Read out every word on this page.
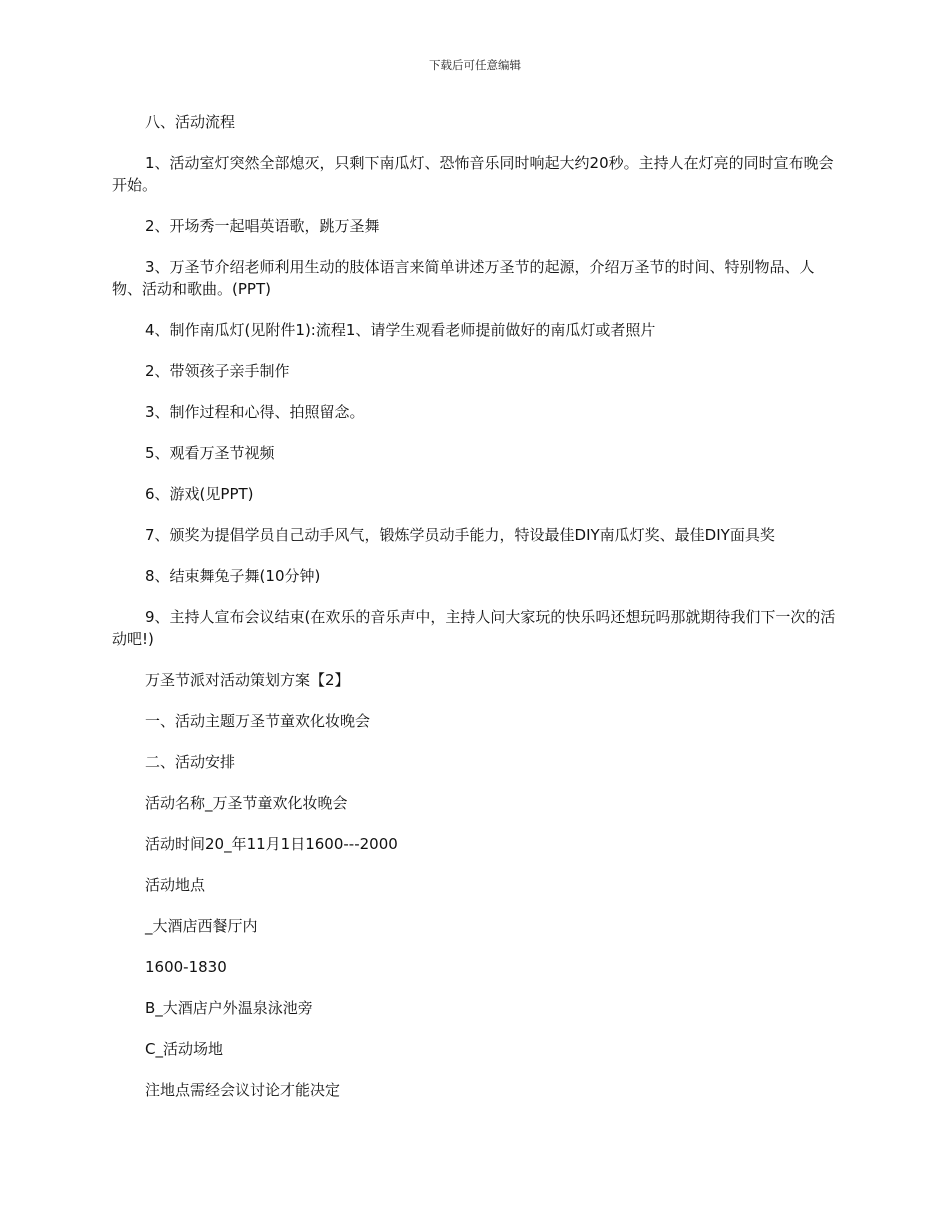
下载后可任意编辑

八、活动流程

1、活动室灯突然全部熄灭，只剩下南瓜灯、恐怖音乐同时响起大约20秒。主持人在灯亮的同时宣布晚会开始。

2、开场秀一起唱英语歌，跳万圣舞

3、万圣节介绍老师利用生动的肢体语言来简单讲述万圣节的起源，介绍万圣节的时间、特别物品、人物、活动和歌曲。(PPT)

4、制作南瓜灯(见附件1):流程1、请学生观看老师提前做好的南瓜灯或者照片

2、带领孩子亲手制作

3、制作过程和心得、拍照留念。

5、观看万圣节视频

6、游戏(见PPT)

7、颁奖为提倡学员自己动手风气，锻炼学员动手能力，特设最佳DIY南瓜灯奖、最佳DIY面具奖

8、结束舞兔子舞(10分钟)

9、主持人宣布会议结束(在欢乐的音乐声中，主持人问大家玩的快乐吗还想玩吗那就期待我们下一次的活动吧!)

万圣节派对活动策划方案【2】

一、活动主题万圣节童欢化妆晚会

二、活动安排

活动名称_万圣节童欢化妆晚会

活动时间20_年11月1日1600---2000

活动地点

_大酒店西餐厅内

1600-1830

B_大酒店户外温泉泳池旁

C_活动场地

注地点需经会议讨论才能决定
